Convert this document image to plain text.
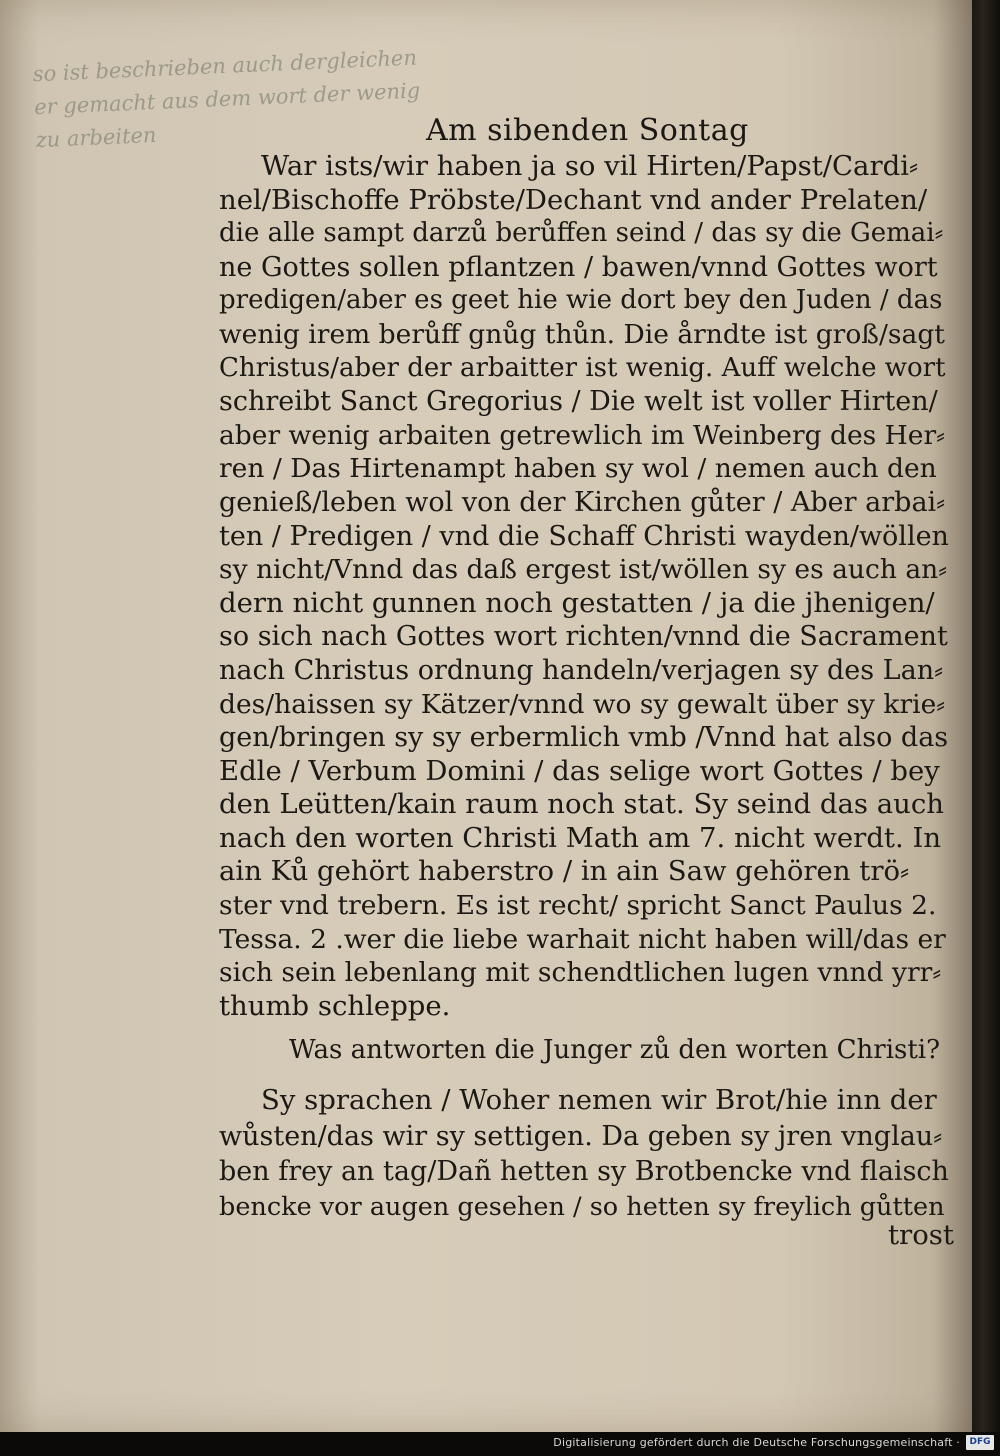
so ist beschrieben auch dergleichen
er gemacht aus dem wort der wenig
zu arbeiten	Am sibenden Sontag
War ists/wir haben ja so vil Hirten/Papst/Cardi⸗
nel/Bischoffe Pröbste/Dechant vnd ander Prelaten/
die alle sampt darzů berůffen seind / das sy die Gemai⸗
ne Gottes sollen pflantzen / bawen/vnnd Gottes wort
predigen/aber es geet hie wie dort bey den Juden / das
wenig irem berůff gnůg thůn. Die årndte ist groß/sagt
Christus/aber der arbaitter ist wenig. Auff welche wort
schreibt Sanct Gregorius / Die welt ist voller Hirten/
aber wenig arbaiten getrewlich im Weinberg des Her⸗
ren / Das Hirtenampt haben sy wol / nemen auch den
genieß/leben wol von der Kirchen gůter / Aber arbai⸗
ten / Predigen / vnd die Schaff Christi wayden/wöllen
sy nicht/Vnnd das daß ergest ist/wöllen sy es auch an⸗
dern nicht gunnen noch gestatten / ja die jhenigen/
so sich nach Gottes wort richten/vnnd die Sacrament
nach Christus ordnung handeln/verjagen sy des Lan⸗
des/haissen sy Kätzer/vnnd wo sy gewalt über sy krie⸗
gen/bringen sy sy erbermlich vmb /Vnnd hat also das
Edle / Verbum Domini / das selige wort Gottes / bey
den Leütten/kain raum noch stat. Sy seind das auch
nach den worten Christi Math am 7. nicht werdt. In
ain Ků gehört haberstro / in ain Saw gehören trö⸗
ster vnd trebern. Es ist recht/ spricht Sanct Paulus 2.
Tessa. 2 .wer die liebe warhait nicht haben will/das er
sich sein lebenlang mit schendtlichen lugen vnnd yrr⸗
thumb schleppe.
Was antworten die Junger zů den worten Christi?
Sy sprachen / Woher nemen wir Brot/hie inn der
wůsten/das wir sy settigen. Da geben sy jren vnglau⸗
ben frey an tag/Dañ hetten sy Brotbencke vnd flaisch
bencke vor augen gesehen / so hetten sy freylich gůtten
trost
Digitalisierung gefördert durch die Deutsche Forschungsgemeinschaft ·	DFG
